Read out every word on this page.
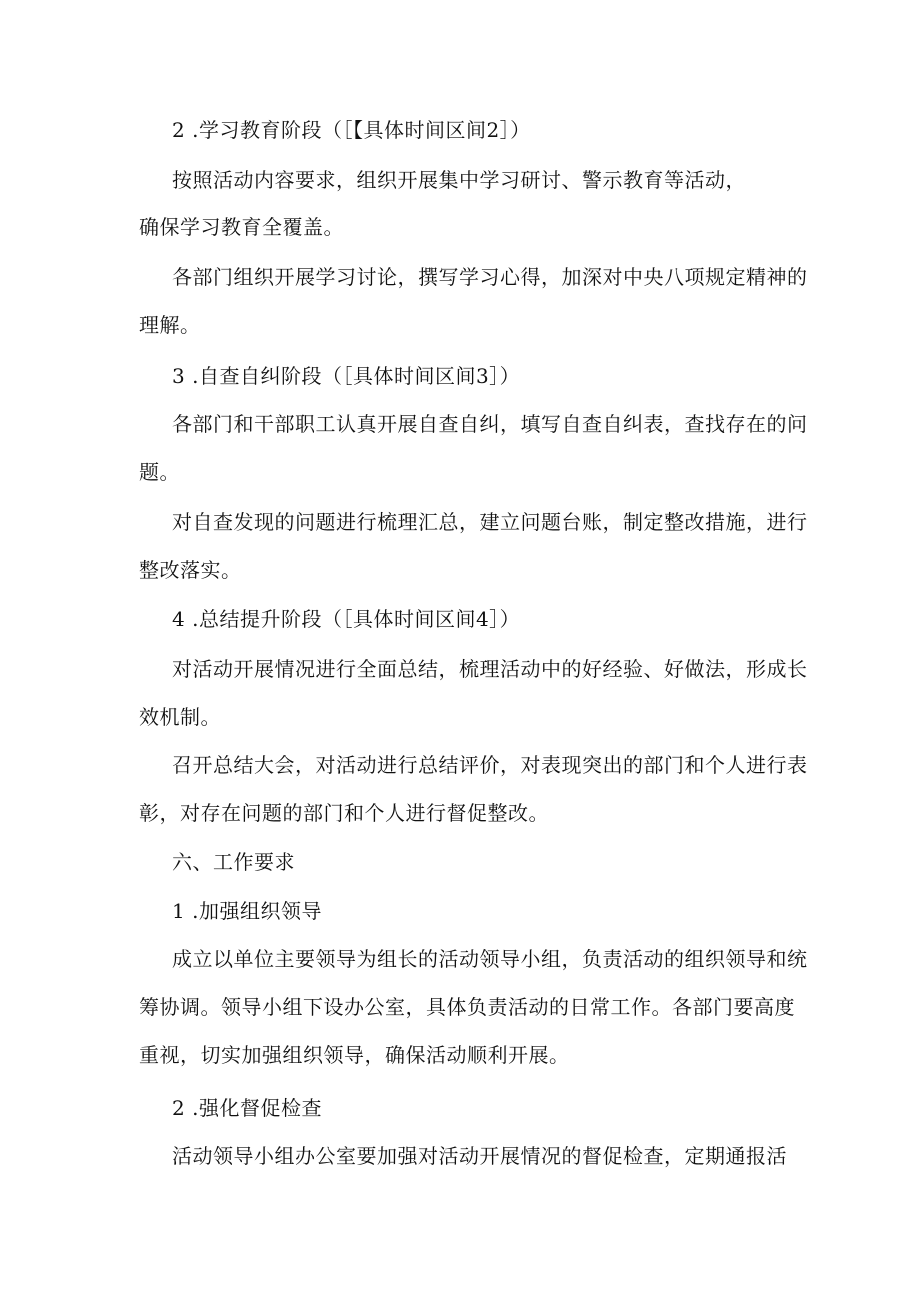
2 .学习教育阶段（［【具体时间区间2］）
按照活动内容要求，组织开展集中学习研讨、警示教育等活动，
确保学习教育全覆盖。
各部门组织开展学习讨论，撰写学习心得，加深对中央八项规定精神的
理解。
3 .自查自纠阶段（［具体时间区间3］）
各部门和干部职工认真开展自查自纠，填写自查自纠表，查找存在的问
题。
对自查发现的问题进行梳理汇总，建立问题台账，制定整改措施，进行
整改落实。
4 .总结提升阶段（［具体时间区间4］）
对活动开展情况进行全面总结，梳理活动中的好经验、好做法，形成长
效机制。
召开总结大会，对活动进行总结评价，对表现突出的部门和个人进行表
彰，对存在问题的部门和个人进行督促整改。
六、工作要求
1 .加强组织领导
成立以单位主要领导为组长的活动领导小组，负责活动的组织领导和统
筹协调。领导小组下设办公室，具体负责活动的日常工作。各部门要高度
重视，切实加强组织领导，确保活动顺利开展。
2 .强化督促检查
活动领导小组办公室要加强对活动开展情况的督促检查，定期通报活
